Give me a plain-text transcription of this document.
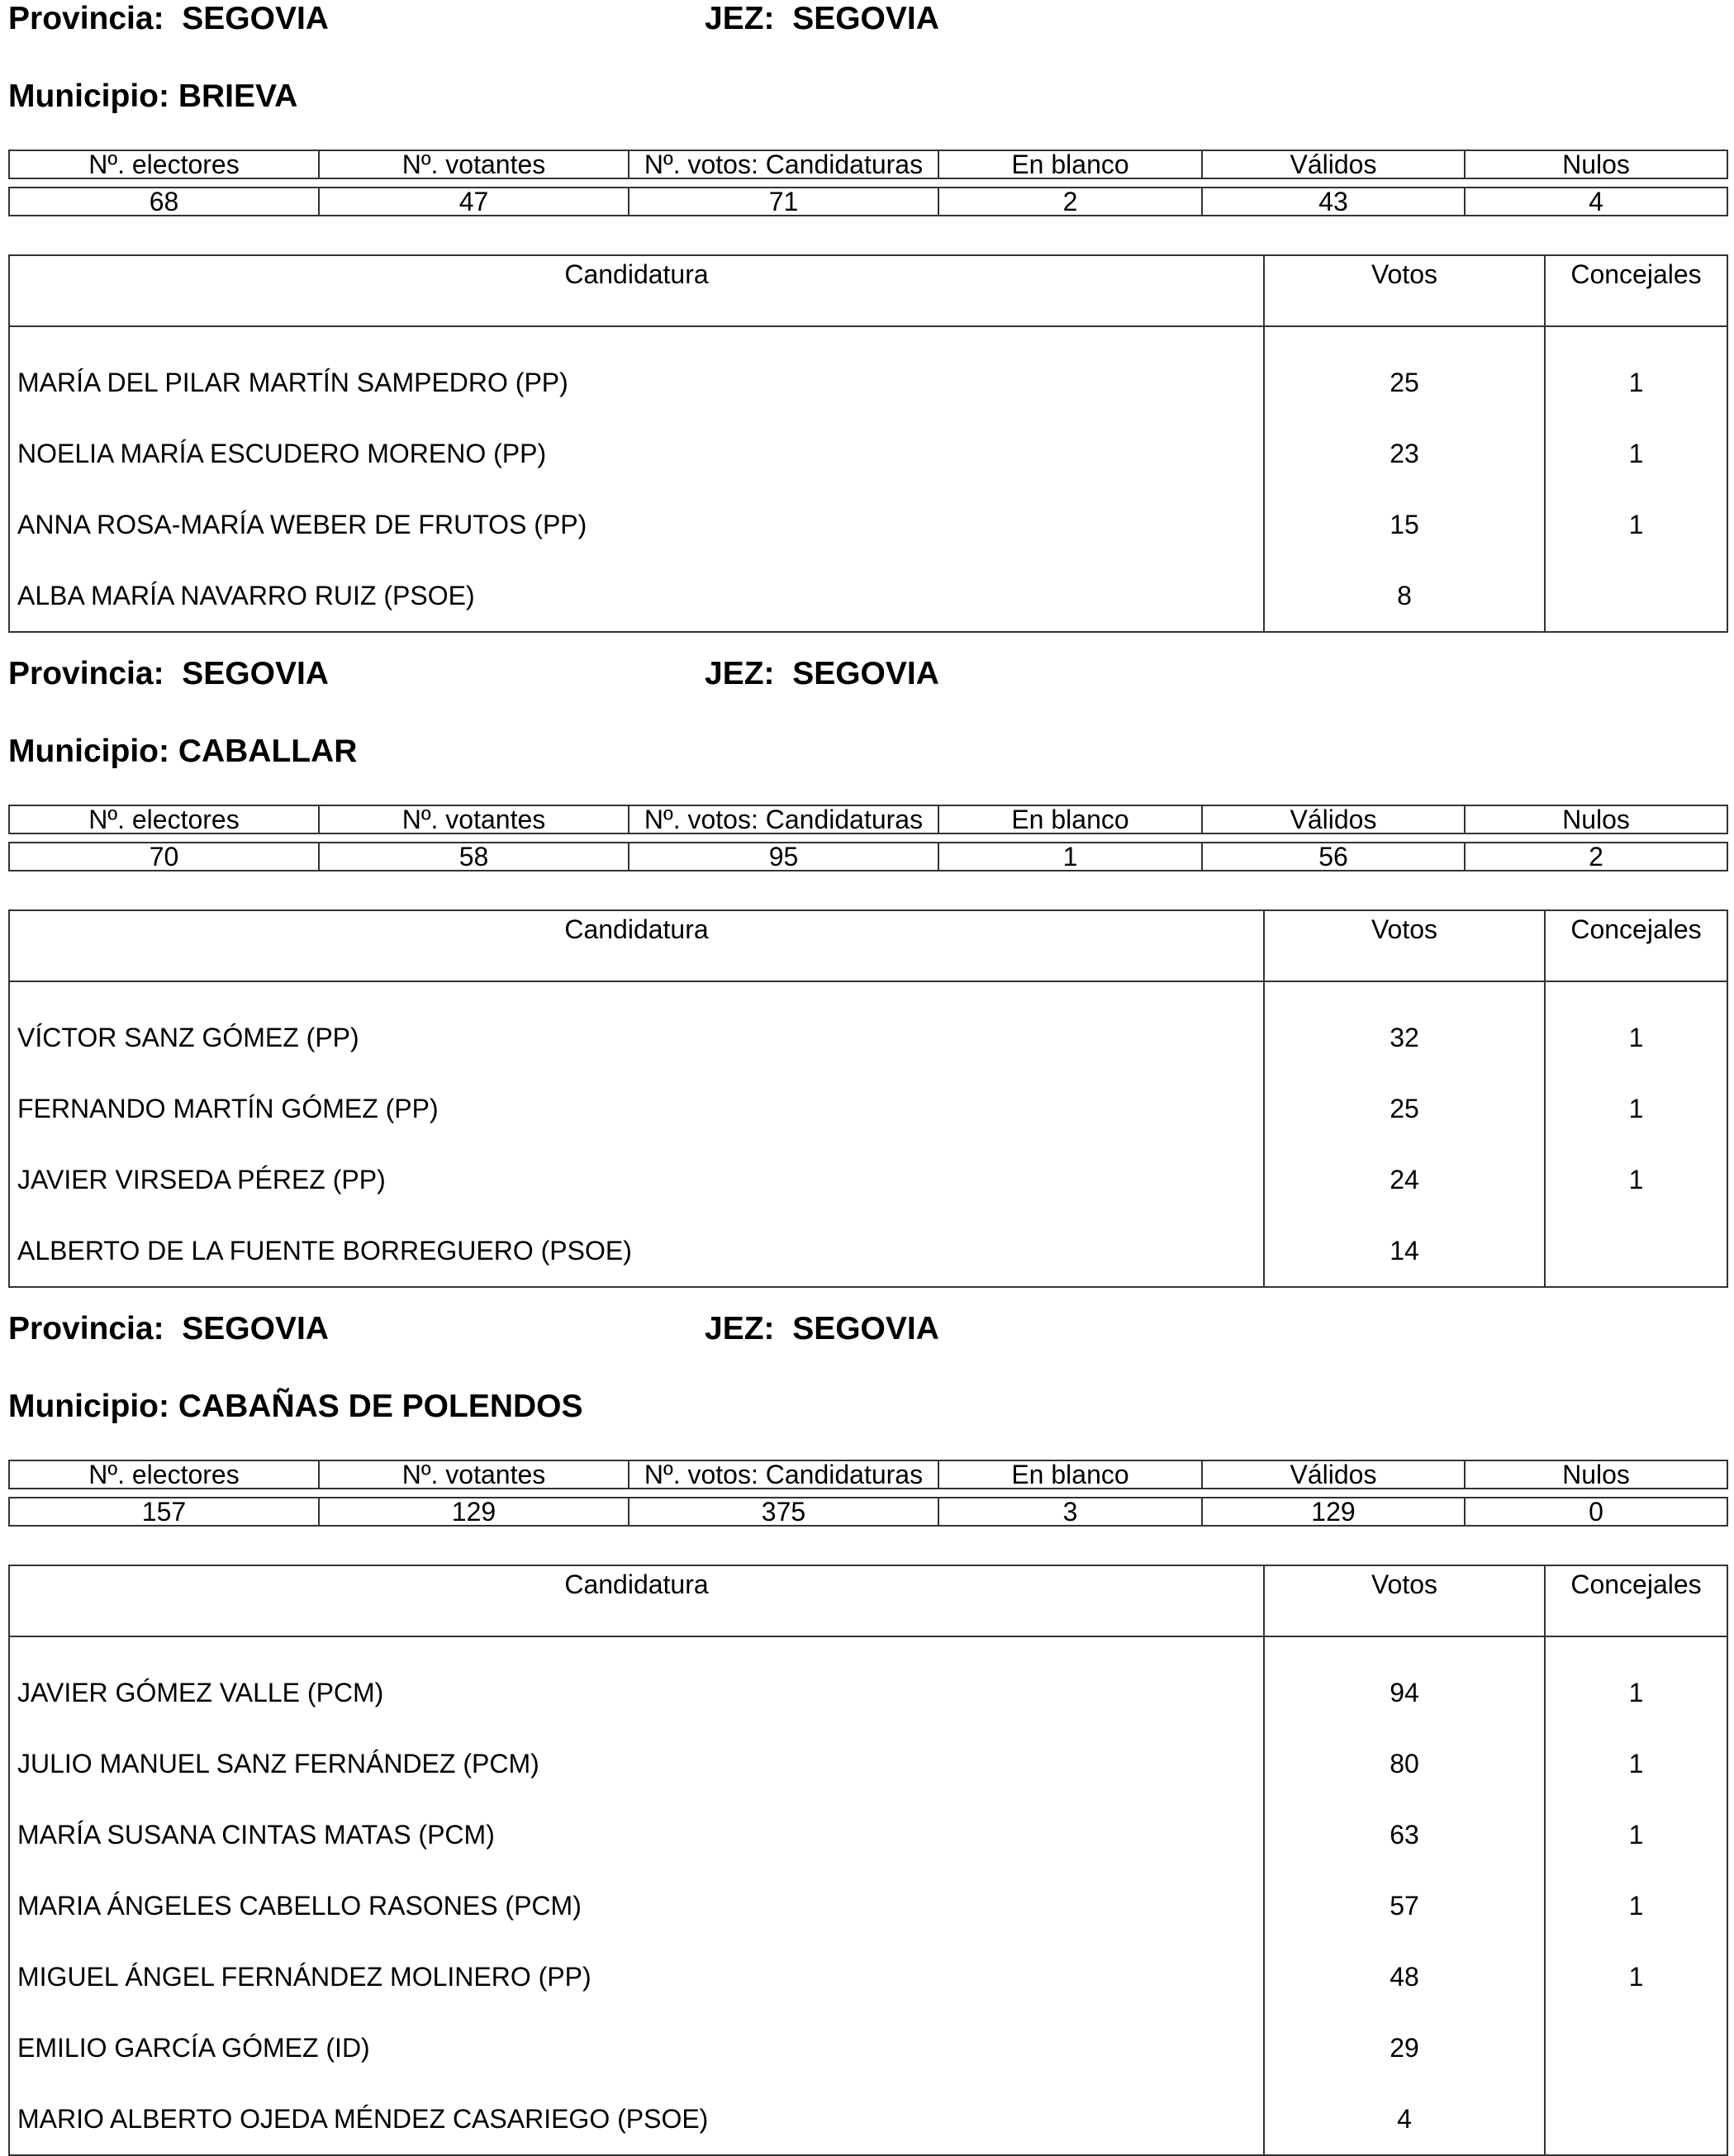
Provincia: SEGOVIA	JEZ: SEGOVIA
Municipio: BRIEVA
Nº. electores	Nº. votantes	Nº. votos: Candidaturas	En blanco	Válidos	Nulos

68	47	71	2	43	4
Candidatura	Votos	Concejales
MARÍA DEL PILAR MARTÍN SAMPEDRO (PP)	25	1
NOELIA MARÍA ESCUDERO MORENO (PP)	23	1
ANNA ROSA-MARÍA WEBER DE FRUTOS (PP)	15	1
ALBA MARÍA NAVARRO RUIZ (PSOE)	8	
Provincia: SEGOVIA	JEZ: SEGOVIA
Municipio: CABALLAR
Nº. electores	Nº. votantes	Nº. votos: Candidaturas	En blanco	Válidos	Nulos

70	58	95	1	56	2
Candidatura	Votos	Concejales
VÍCTOR SANZ GÓMEZ (PP)	32	1
FERNANDO MARTÍN GÓMEZ (PP)	25	1
JAVIER VIRSEDA PÉREZ (PP)	24	1
ALBERTO DE LA FUENTE BORREGUERO (PSOE)	14	
Provincia: SEGOVIA	JEZ: SEGOVIA
Municipio: CABAÑAS DE POLENDOS
Nº. electores	Nº. votantes	Nº. votos: Candidaturas	En blanco	Válidos	Nulos

157	129	375	3	129	0
Candidatura	Votos	Concejales
JAVIER GÓMEZ VALLE (PCM)	94	1
JULIO MANUEL SANZ FERNÁNDEZ (PCM)	80	1
MARÍA SUSANA CINTAS MATAS (PCM)	63	1
MARIA ÁNGELES CABELLO RASONES (PCM)	57	1
MIGUEL ÁNGEL FERNÁNDEZ MOLINERO (PP)	48	1
EMILIO GARCÍA GÓMEZ (ID)	29	
MARIO ALBERTO OJEDA MÉNDEZ CASARIEGO (PSOE)	4	
